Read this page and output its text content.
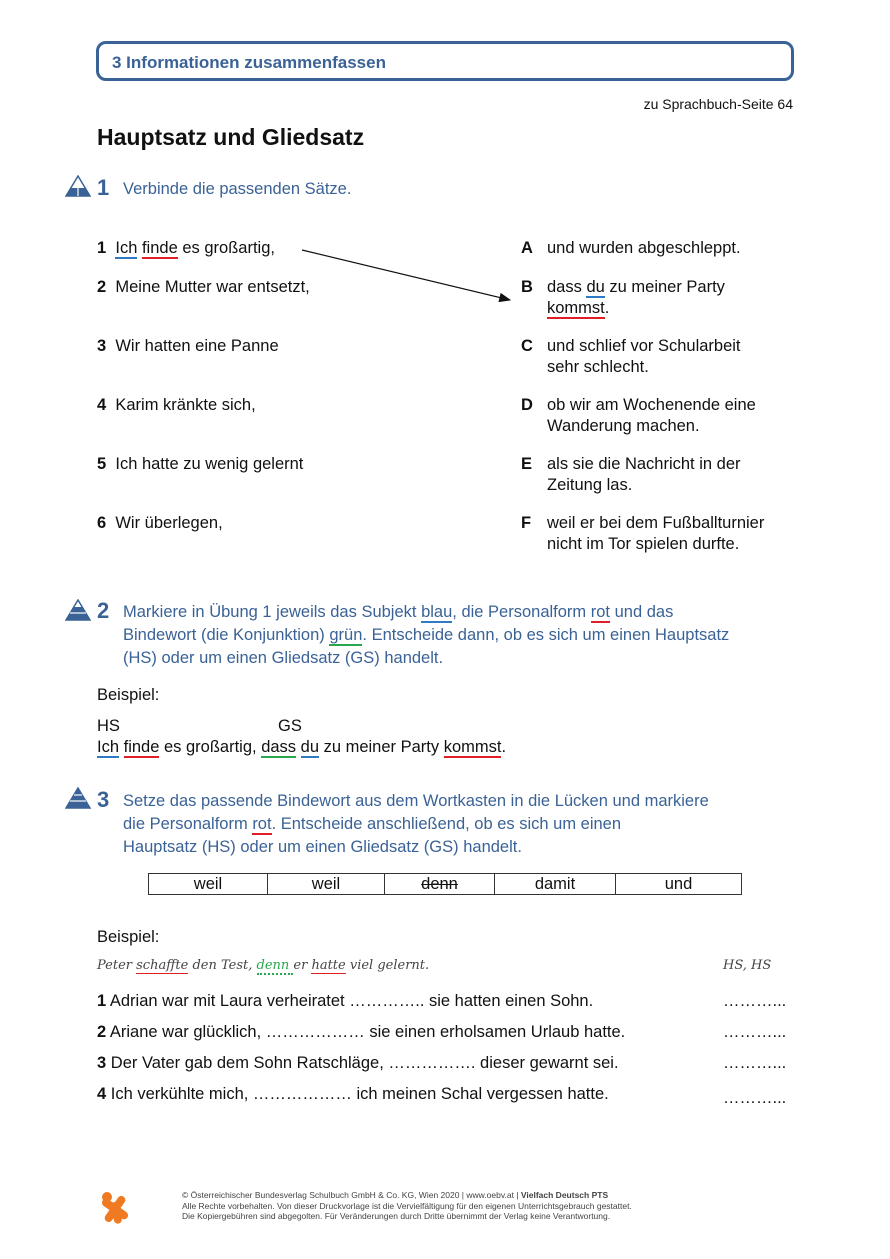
3 Informationen zusammenfassen
zu Sprachbuch-Seite 64
Hauptsatz und Gliedsatz
1 Verbinde die passenden Sätze.
1 Ich finde es großartig,
2 Meine Mutter war entsetzt,
3 Wir hatten eine Panne
4 Karim kränkte sich,
5 Ich hatte zu wenig gelernt
6 Wir überlegen,
A und wurden abgeschleppt.
B dass du zu meiner Party
kommst.
C und schlief vor Schularbeit
sehr schlecht.
D ob wir am Wochenende eine
Wanderung machen.
E als sie die Nachricht in der
Zeitung las.
F weil er bei dem Fußballturnier
nicht im Tor spielen durfte.
2 Markiere in Übung 1 jeweils das Subjekt blau, die Personalform rot und das
Bindewort (die Konjunktion) grün. Entscheide dann, ob es sich um einen Hauptsatz
(HS) oder um einen Gliedsatz (GS) handelt.
Beispiel:
HS	GS
Ich finde es großartig, dass du zu meiner Party kommst.
3 Setze das passende Bindewort aus dem Wortkasten in die Lücken und markiere
die Personalform rot. Entscheide anschließend, ob es sich um einen
Hauptsatz (HS) oder um einen Gliedsatz (GS) handelt.
weil	weil	denn	damit	und
Beispiel:
Peter schaffte den Test, denn er hatte viel gelernt.	HS, HS
1 Adrian war mit Laura verheiratet ………….. sie hatten einen Sohn.	………...
2 Ariane war glücklich, ……………… sie einen erholsamen Urlaub hatte.	………...
3 Der Vater gab dem Sohn Ratschläge, ……………. dieser gewarnt sei.	………...
4 Ich verkühlte mich, ……………… ich meinen Schal vergessen hatte.	………...
© Österreichischer Bundesverlag Schulbuch GmbH & Co. KG, Wien 2020 | www.oebv.at | Vielfach Deutsch PTS
Alle Rechte vorbehalten. Von dieser Druckvorlage ist die Vervielfältigung für den eigenen Unterrichtsgebrauch gestattet.
Die Kopiergebühren sind abgegolten. Für Veränderungen durch Dritte übernimmt der Verlag keine Verantwortung.
